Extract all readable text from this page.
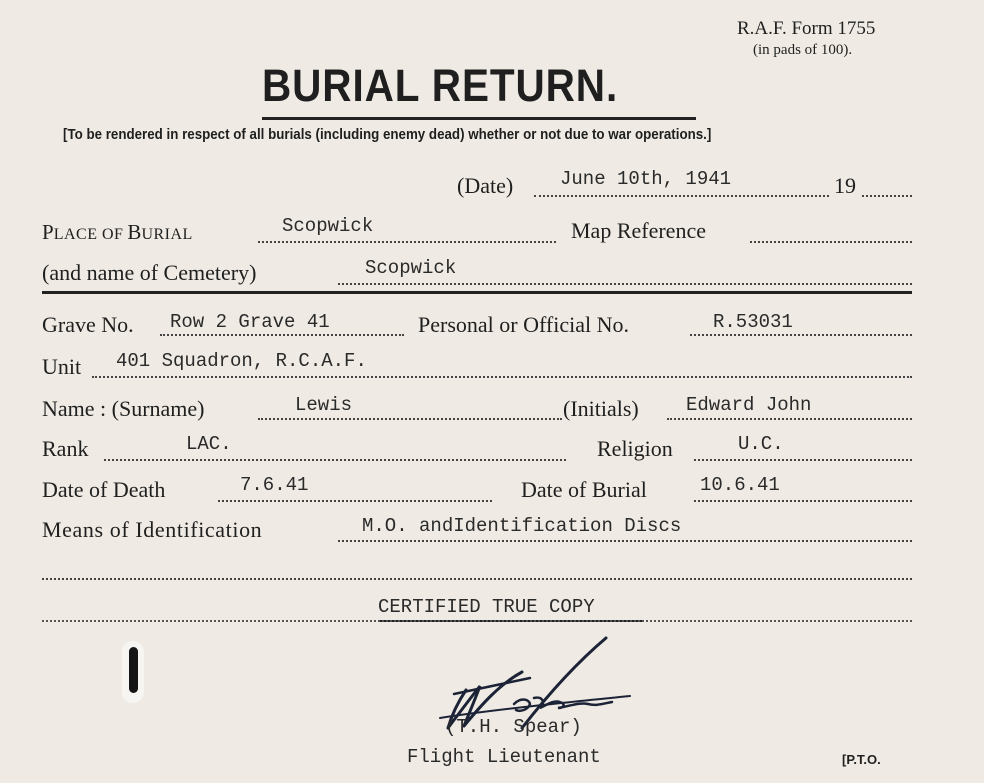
R.A.F. Form 1755
(in pads of 100).
BURIAL RETURN.
[To be rendered in respect of all burials (including enemy dead) whether or not due to war operations.]
(Date) June 10th, 1941	19
PLACE OF BURIAL	Scopwick	Map Reference
(and name of Cemetery)	Scopwick
Grave No. Row 2 Grave 41	Personal or Official No.	R.53031
Unit 401 Squadron, R.C.A.F.
Name : (Surname)	Lewis	(Initials) Edward John
Rank	LAC.	Religion	U.C.
Date of Death	7.6.41	Date of Burial	10.6.41
Means of Identification	M.O. andIdentification Discs
CERTIFIED TRUE COPY
(T.H. Spear)
Flight Lieutenant	[P.T.O.
